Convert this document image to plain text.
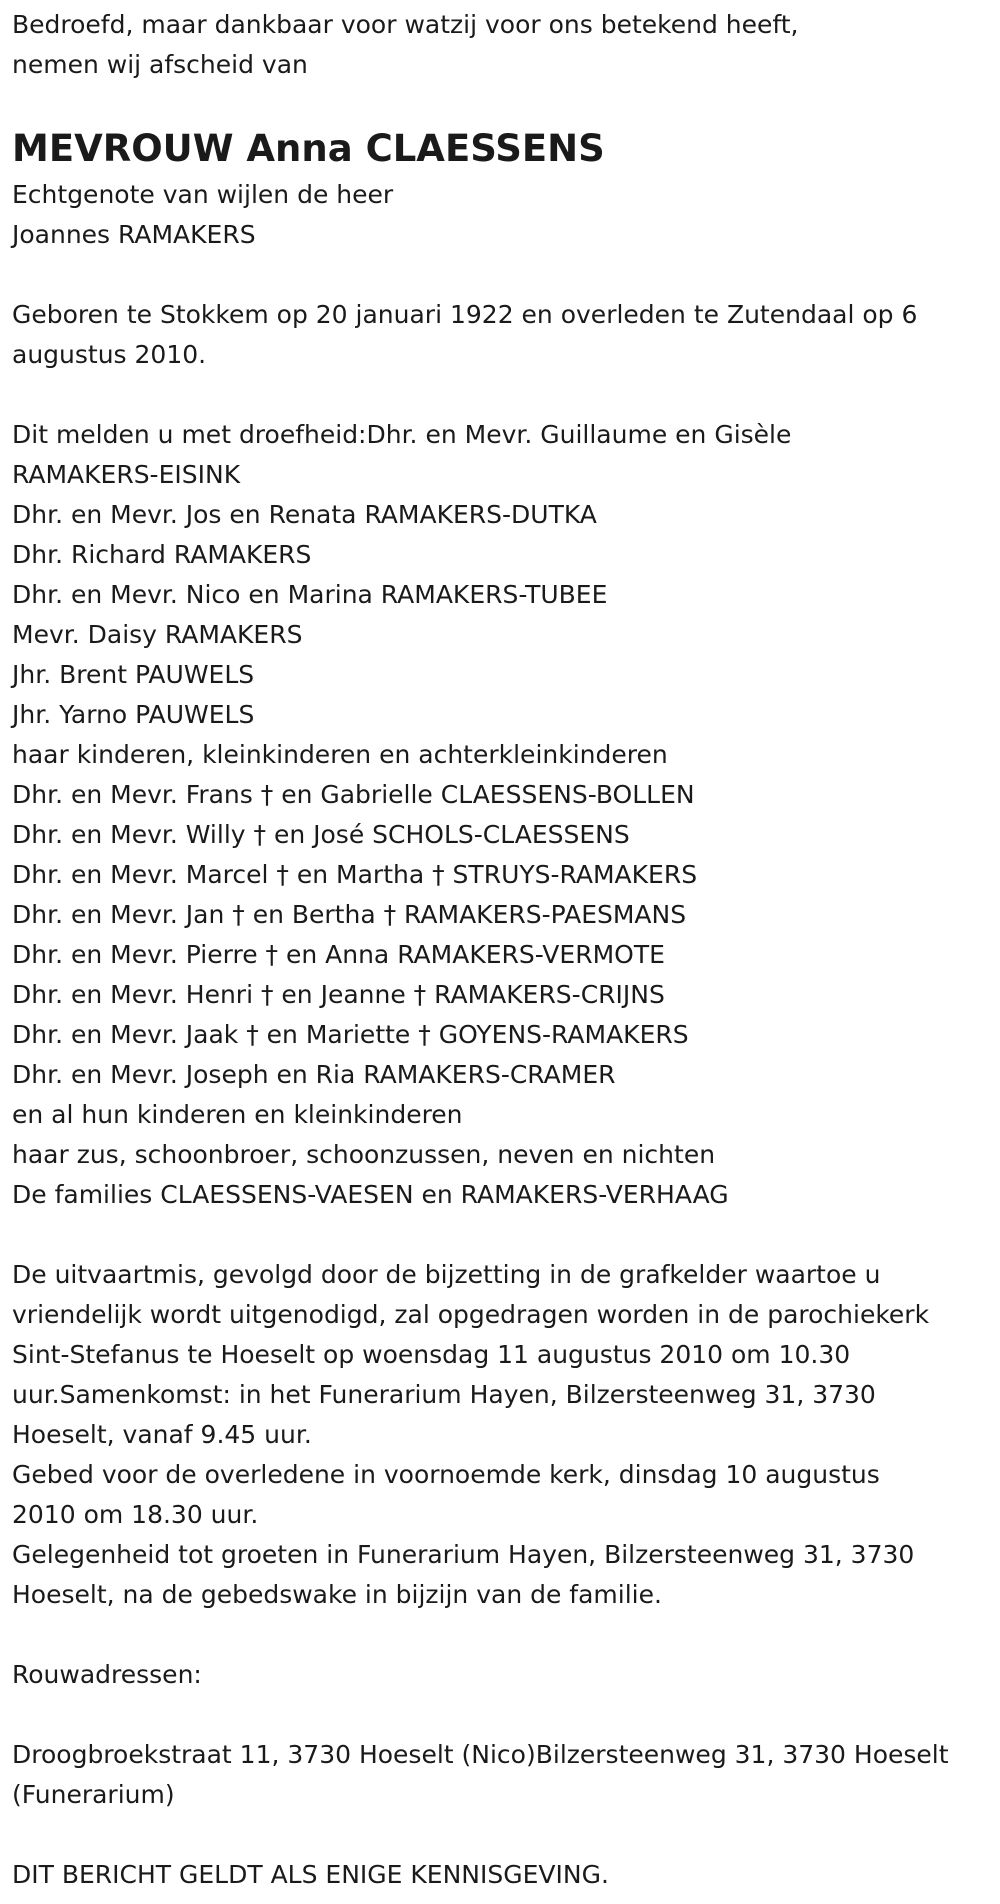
Bedroefd, maar dankbaar voor watzij voor ons betekend heeft,

nemen wij afscheid van

MEVROUW Anna CLAESSENS

Echtgenote van wijlen de heer

Joannes RAMAKERS

Geboren te Stokkem op 20 januari 1922 en overleden te Zutendaal op 6

augustus 2010.

Dit melden u met droefheid:Dhr. en Mevr. Guillaume en Gisèle

RAMAKERS-EISINK

Dhr. en Mevr. Jos en Renata RAMAKERS-DUTKA

Dhr. Richard RAMAKERS

Dhr. en Mevr. Nico en Marina RAMAKERS-TUBEE

Mevr. Daisy RAMAKERS

Jhr. Brent PAUWELS

Jhr. Yarno PAUWELS

haar kinderen, kleinkinderen en achterkleinkinderen

Dhr. en Mevr. Frans † en Gabrielle CLAESSENS-BOLLEN

Dhr. en Mevr. Willy † en José SCHOLS-CLAESSENS

Dhr. en Mevr. Marcel † en Martha † STRUYS-RAMAKERS

Dhr. en Mevr. Jan † en Bertha † RAMAKERS-PAESMANS

Dhr. en Mevr. Pierre † en Anna RAMAKERS-VERMOTE

Dhr. en Mevr. Henri † en Jeanne † RAMAKERS-CRIJNS

Dhr. en Mevr. Jaak † en Mariette † GOYENS-RAMAKERS

Dhr. en Mevr. Joseph en Ria RAMAKERS-CRAMER

en al hun kinderen en kleinkinderen

haar zus, schoonbroer, schoonzussen, neven en nichten

De families CLAESSENS-VAESEN en RAMAKERS-VERHAAG

De uitvaartmis, gevolgd door de bijzetting in de grafkelder waartoe u

vriendelijk wordt uitgenodigd, zal opgedragen worden in de parochiekerk

Sint-Stefanus te Hoeselt op woensdag 11 augustus 2010 om 10.30

uur.Samenkomst: in het Funerarium Hayen, Bilzersteenweg 31, 3730

Hoeselt, vanaf 9.45 uur.

Gebed voor de overledene in voornoemde kerk, dinsdag 10 augustus

2010 om 18.30 uur.

Gelegenheid tot groeten in Funerarium Hayen, Bilzersteenweg 31, 3730

Hoeselt, na de gebedswake in bijzijn van de familie.

Rouwadressen:

Droogbroekstraat 11, 3730 Hoeselt (Nico)Bilzersteenweg 31, 3730 Hoeselt

(Funerarium)

DIT BERICHT GELDT ALS ENIGE KENNISGEVING.
